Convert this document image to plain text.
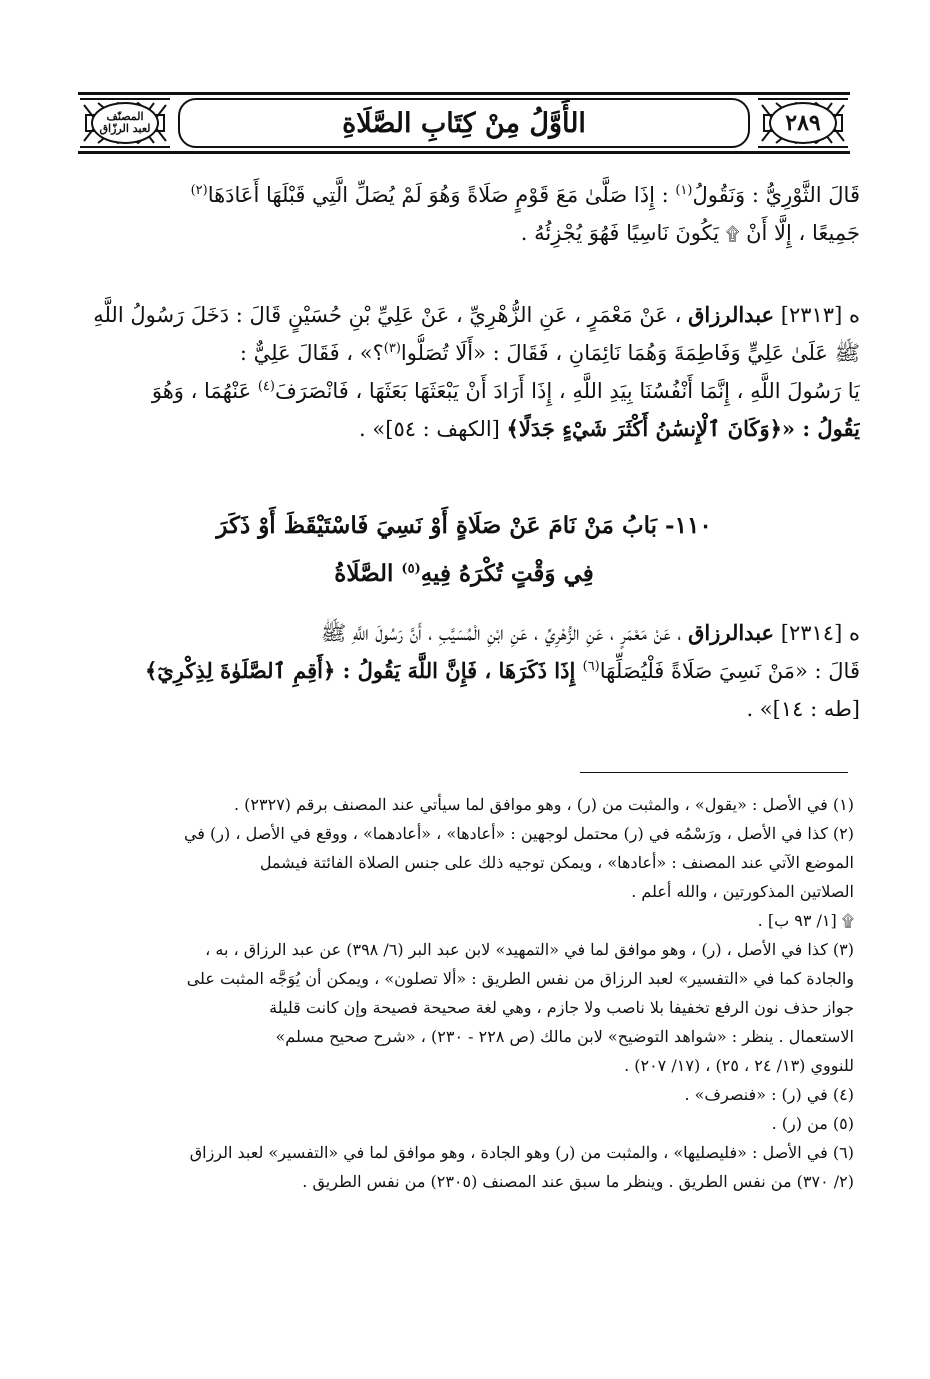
٢٨٩
الأَوَّلُ مِنْ كِتَابِ الصَّلَاةِ
المصنّف
لعبد الرزّاق
قَالَ الثَّوْرِيُّ : وَنَقُولُ$^{(١)}$ : إِذَا صَلَّىٰ مَعَ قَوْمٍ صَلَاةً وَهُوَ لَمْ يُصَلِّ الَّتِي قَبْلَهَا أَعَادَهَا$^{(٢)}$
جَمِيعًا ، إِلَّا أَنْ ۩ يَكُونَ نَاسِيًا فَهُوَ يُجْزِئُهُ .
ە [٢٣١٣] عبدالرزاق ، عَنْ مَعْمَرٍ ، عَنِ الزُّهْرِيِّ ، عَنْ عَلِيِّ بْنِ حُسَيْنٍ قَالَ : دَخَلَ رَسُولُ اللَّهِ
ﷺ عَلَىٰ عَلِيٍّ وَفَاطِمَةَ وَهُمَا نَائِمَانِ ، فَقَالَ : «أَلَا تُصَلُّوا$^{(٣)}$؟» ، فَقَالَ عَلِيٌّ :
يَا رَسُولَ اللَّهِ ، إِنَّمَا أَنْفُسُنَا بِيَدِ اللَّهِ ، إِذَا أَرَادَ أَنْ يَبْعَثَهَا بَعَثَهَا ، فَانْصَرَفَ$^{(٤)}$ عَنْهُمَا ، وَهُوَ
يَقُولُ : «﴿وَكَانَ ٱلْإِنسَٰنُ أَكْثَرَ شَيْءٍ جَدَلًا﴾ [الكهف : ٥٤]» .
١١٠- بَابُ مَنْ نَامَ عَنْ صَلَاةٍ أَوْ نَسِيَ فَاسْتَيْقَظَ أَوْ ذَكَرَ
فِي وَقْتٍ تُكْرَهُ فِيهِ$^{(٥)}$ الصَّلَاةُ
ە [٢٣١٤] عبدالرزاق ، عَنْ مَعْمَرٍ ، عَنِ الزُّهْرِيِّ ، عَنِ ابْنِ الْمُسَيَّبِ ، أَنَّ رَسُولَ اللَّهِ ﷺ
قَالَ : «مَنْ نَسِيَ صَلَاةً فَلْيُصَلِّهَا$^{(٦)}$ إِذَا ذَكَرَهَا ، فَإِنَّ اللَّهَ يَقُولُ : ﴿أَقِمِ ٱلصَّلَوٰةَ لِذِكْرِيٓ﴾
[طه : ١٤]» .
(١) في الأصل : «يقول» ، والمثبت من (ر) ، وهو موافق لما سيأتي عند المصنف برقم (٢٣٢٧) .
(٢) كذا في الأصل ، ورَسْمُه في (ر) محتمل لوجهين : «أعادها» ، «أعادهما» ، ووقع في الأصل ، (ر) في
الموضع الآتي عند المصنف : «أعادها» ، ويمكن توجيه ذلك على جنس الصلاة الفائتة فيشمل
الصلاتين المذكورتين ، والله أعلم .
۩ [١/ ٩٣ ب] .
(٣) كذا في الأصل ، (ر) ، وهو موافق لما في «التمهيد» لابن عبد البر (٦/ ٣٩٨) عن عبد الرزاق ، به ،
والجادة كما في «التفسير» لعبد الرزاق من نفس الطريق : «ألا تصلون» ، ويمكن أن يُوَجَّه المثبت على
جواز حذف نون الرفع تخفيفا بلا ناصب ولا جازم ، وهي لغة صحيحة فصيحة وإن كانت قليلة
الاستعمال . ينظر : «شواهد التوضيح» لابن مالك (ص ٢٢٨ - ٢٣٠) ، «شرح صحيح مسلم»
للنووي (١٣/ ٢٤ ، ٢٥) ، (١٧/ ٢٠٧) .
(٤) في (ر) : «فنصرف» .
(٥) من (ر) .
(٦) في الأصل : «فليصليها» ، والمثبت من (ر) وهو الجادة ، وهو موافق لما في «التفسير» لعبد الرزاق
(٢/ ٣٧٠) من نفس الطريق . وينظر ما سبق عند المصنف (٢٣٠٥) من نفس الطريق .
